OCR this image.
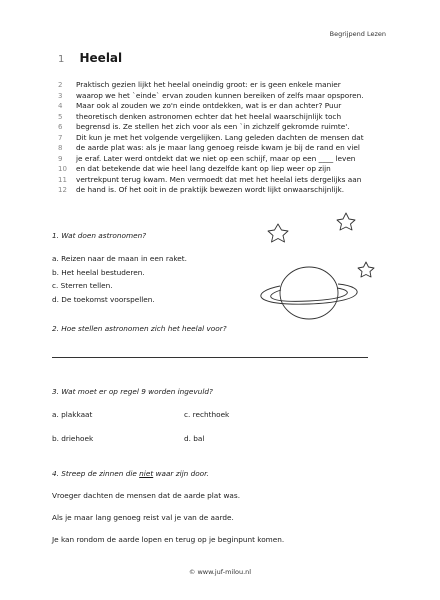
Begrijpend Lezen
1 Heelal
2 Praktisch gezien lijkt het heelal oneindig groot: er is geen enkele manier
3 waarop we het `einde` ervan zouden kunnen bereiken of zelfs maar opsporen.
4 Maar ook al zouden we zo'n einde ontdekken, wat is er dan achter? Puur
5 theoretisch denken astronomen echter dat het heelal waarschijnlijk toch
6 begrensd is. Ze stellen het zich voor als een `in zichzelf gekromde ruimte'.
7 Dit kun je met het volgende vergelijken. Lang geleden dachten de mensen dat
8 de aarde plat was: als je maar lang genoeg reisde kwam je bij de rand en viel
9 je eraf. Later werd ontdekt dat we niet op een schijf, maar op een ____ leven
10 en dat betekende dat wie heel lang dezelfde kant op liep weer op zijn
11 vertrekpunt terug kwam. Men vermoedt dat met het heelal iets dergelijks aan
12 de hand is. Of het ooit in de praktijk bewezen wordt lijkt onwaarschijnlijk.
1. Wat doen astronomen?
a. Reizen naar de maan in een raket.
b. Het heelal bestuderen.
c. Sterren tellen.
d. De toekomst voorspellen.
2. Hoe stellen astronomen zich het heelal voor?
3. Wat moet er op regel 9 worden ingevuld?
a. plakkaat	c. rechthoek
b. driehoek	d. bal
4. Streep de zinnen die niet waar zijn door.
Vroeger dachten de mensen dat de aarde plat was.
Als je maar lang genoeg reist val je van de aarde.
Je kan rondom de aarde lopen en terug op je beginpunt komen.
© www.juf-milou.nl
